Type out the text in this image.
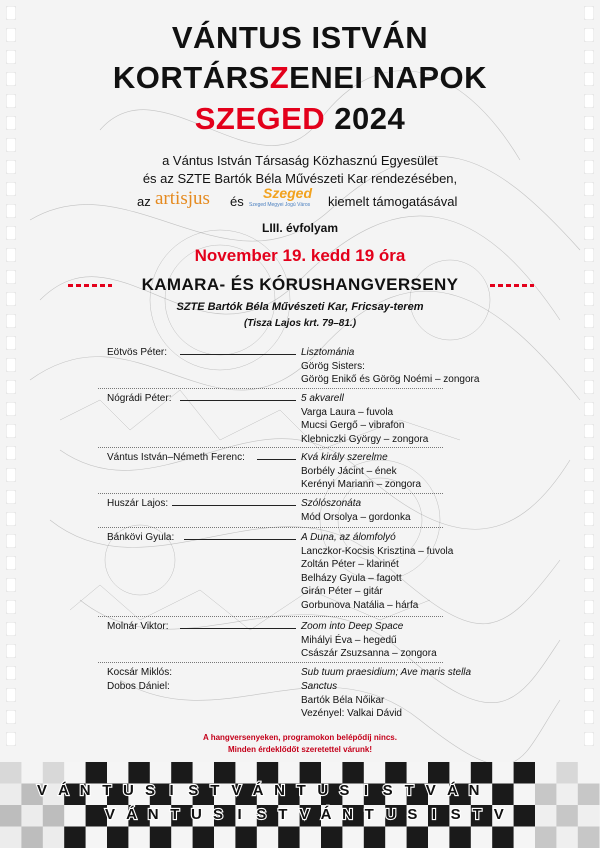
VÁNTUS ISTVÁN
KORTÁRSZENEI NAPOK
SZEGED 2024
a Vántus István Társaság Közhasznú Egyesület
és az SZTE Bartók Béla Művészeti Kar rendezésében,
az artisjus és
Szeged
Szeged Megyei Jogú Város kiemelt támogatásával
LIII. évfolyam
November 19. kedd 19 óra
KAMARA- ÉS KÓRUSHANGVERSENY
SZTE Bartók Béla Művészeti Kar, Fricsay-terem
(Tisza Lajos krt. 79–81.)
Eötvös Péter:	Lisztománia
Görög Sisters:
Görög Enikő és Görög Noémi – zongora
Nógrádi Péter:	5 akvarell
Varga Laura – fuvola
Mucsi Gergő – vibrafon
Klebniczki György – zongora
Vántus István–Németh Ferenc:	Kvá király szerelme
Borbély Jácint – ének
Kerényi Mariann – zongora
Huszár Lajos:	Szólószonáta
Mód Orsolya – gordonka
Bánkövi Gyula:	A Duna, az álomfolyó
Lanczkor-Kocsis Krisztina – fuvola
Zoltán Péter – klarinét
Belházy Gyula – fagott
Girán Péter – gitár
Gorbunova Natália – hárfa
Molnár Viktor:	Zoom into Deep Space
Mihályi Éva – hegedű
Császár Zsuzsanna – zongora
Kocsár Miklós:	Sub tuum praesidium; Ave maris stella
Dobos Dániel:	Sanctus
Bartók Béla Nőikar
Vezényel: Valkai Dávid
A hangversenyeken, programokon belépődíj nincs.
Minden érdeklődőt szeretettel várunk!
V Á N T U S I S T V Á N T U S I S T V Á N
V Á N T U S I S T V Á N T U S I S T V
